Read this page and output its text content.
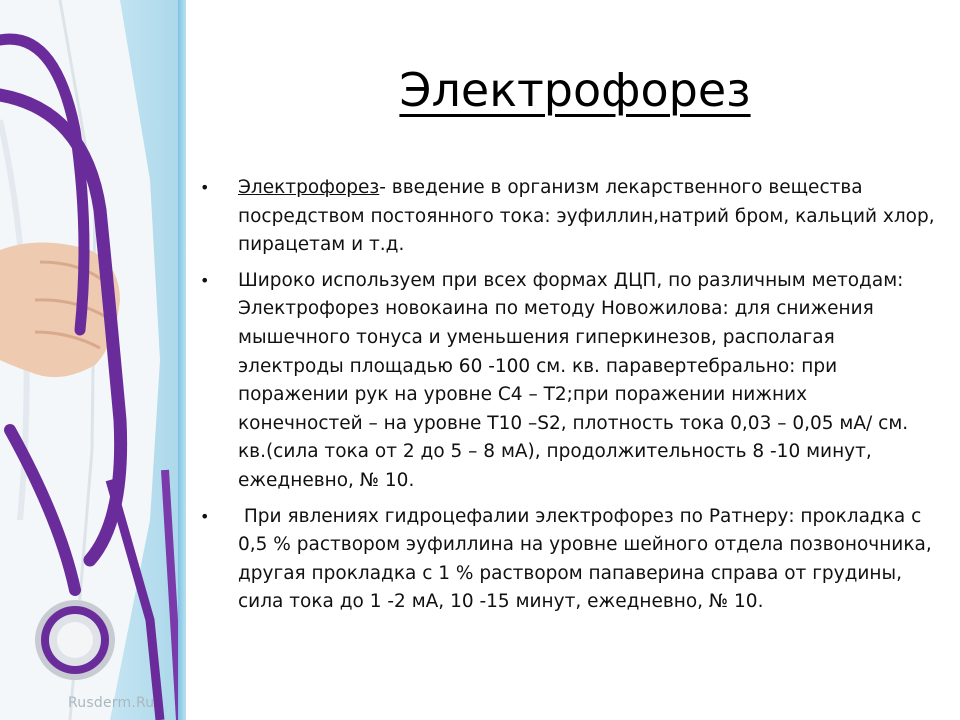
Rusderm.Ru
Электрофорез
• Электрофорез- введение в организм лекарственного вещества посредством постоянного тока: эуфиллин,натрий бром, кальций хлор, пирацетам и т.д.
• Широко используем при всех формах ДЦП, по различным методам:
Электрофорез новокаина по методу Новожилова: для снижения мышечного тонуса и уменьшения гиперкинезов, располагая электроды площадью 60 -100 см. кв. паравертебрально: при поражении рук на уровне C4 – T2;при поражении нижних конечностей – на уровне T10 –S2, плотность тока 0,03 – 0,05 мА/ см. кв.(сила тока от 2 до 5 – 8 мА), продолжительность 8 -10 минут, ежедневно, № 10.
• При явлениях гидроцефалии электрофорез по Ратнеру: прокладка с 0,5 % раствором эуфиллина на уровне шейного отдела позвоночника, другая прокладка с 1 % раствором папаверина справа от грудины, сила тока до 1 -2 мА, 10 -15 минут, ежедневно, № 10.
